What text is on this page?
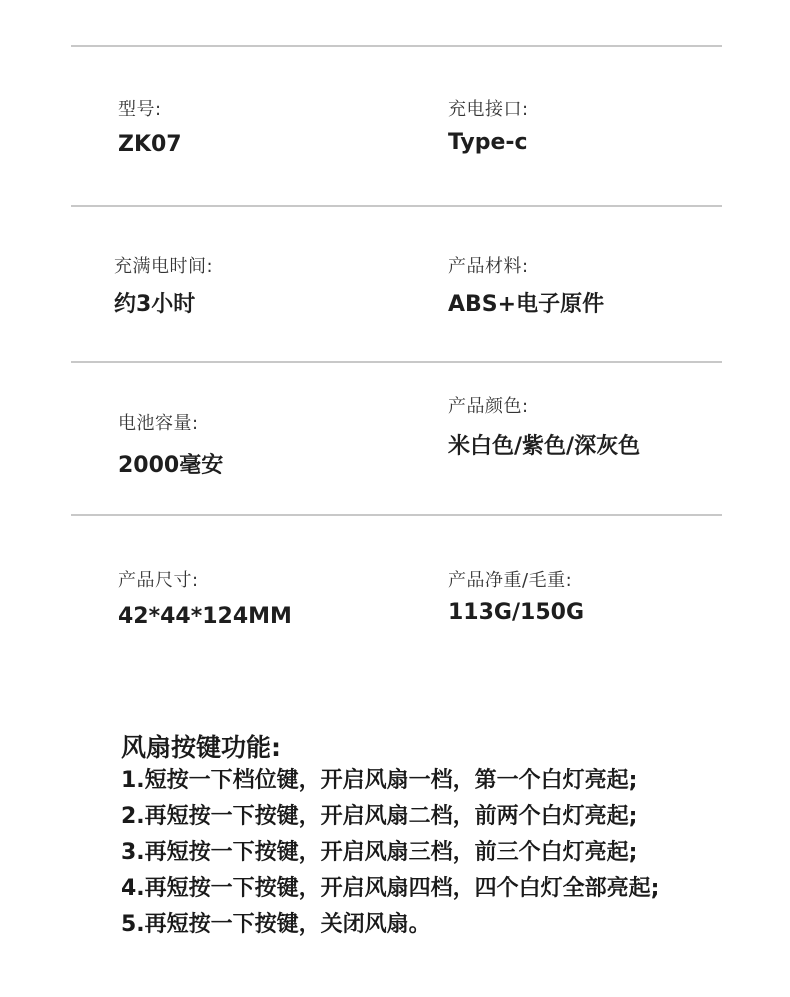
型号:
ZK07
充电接口:
Type-c
充满电时间:
约3小时
产品材料:
ABS+电子原件
电池容量:
2000毫安
产品颜色:
米白色/紫色/深灰色
产品尺寸:
42*44*124MM
产品净重/毛重:
113G/150G
风扇按键功能:
1.短按一下档位键，开启风扇一档，第一个白灯亮起;
2.再短按一下按键，开启风扇二档，前两个白灯亮起;
3.再短按一下按键，开启风扇三档，前三个白灯亮起;
4.再短按一下按键，开启风扇四档，四个白灯全部亮起;
5.再短按一下按键，关闭风扇。
